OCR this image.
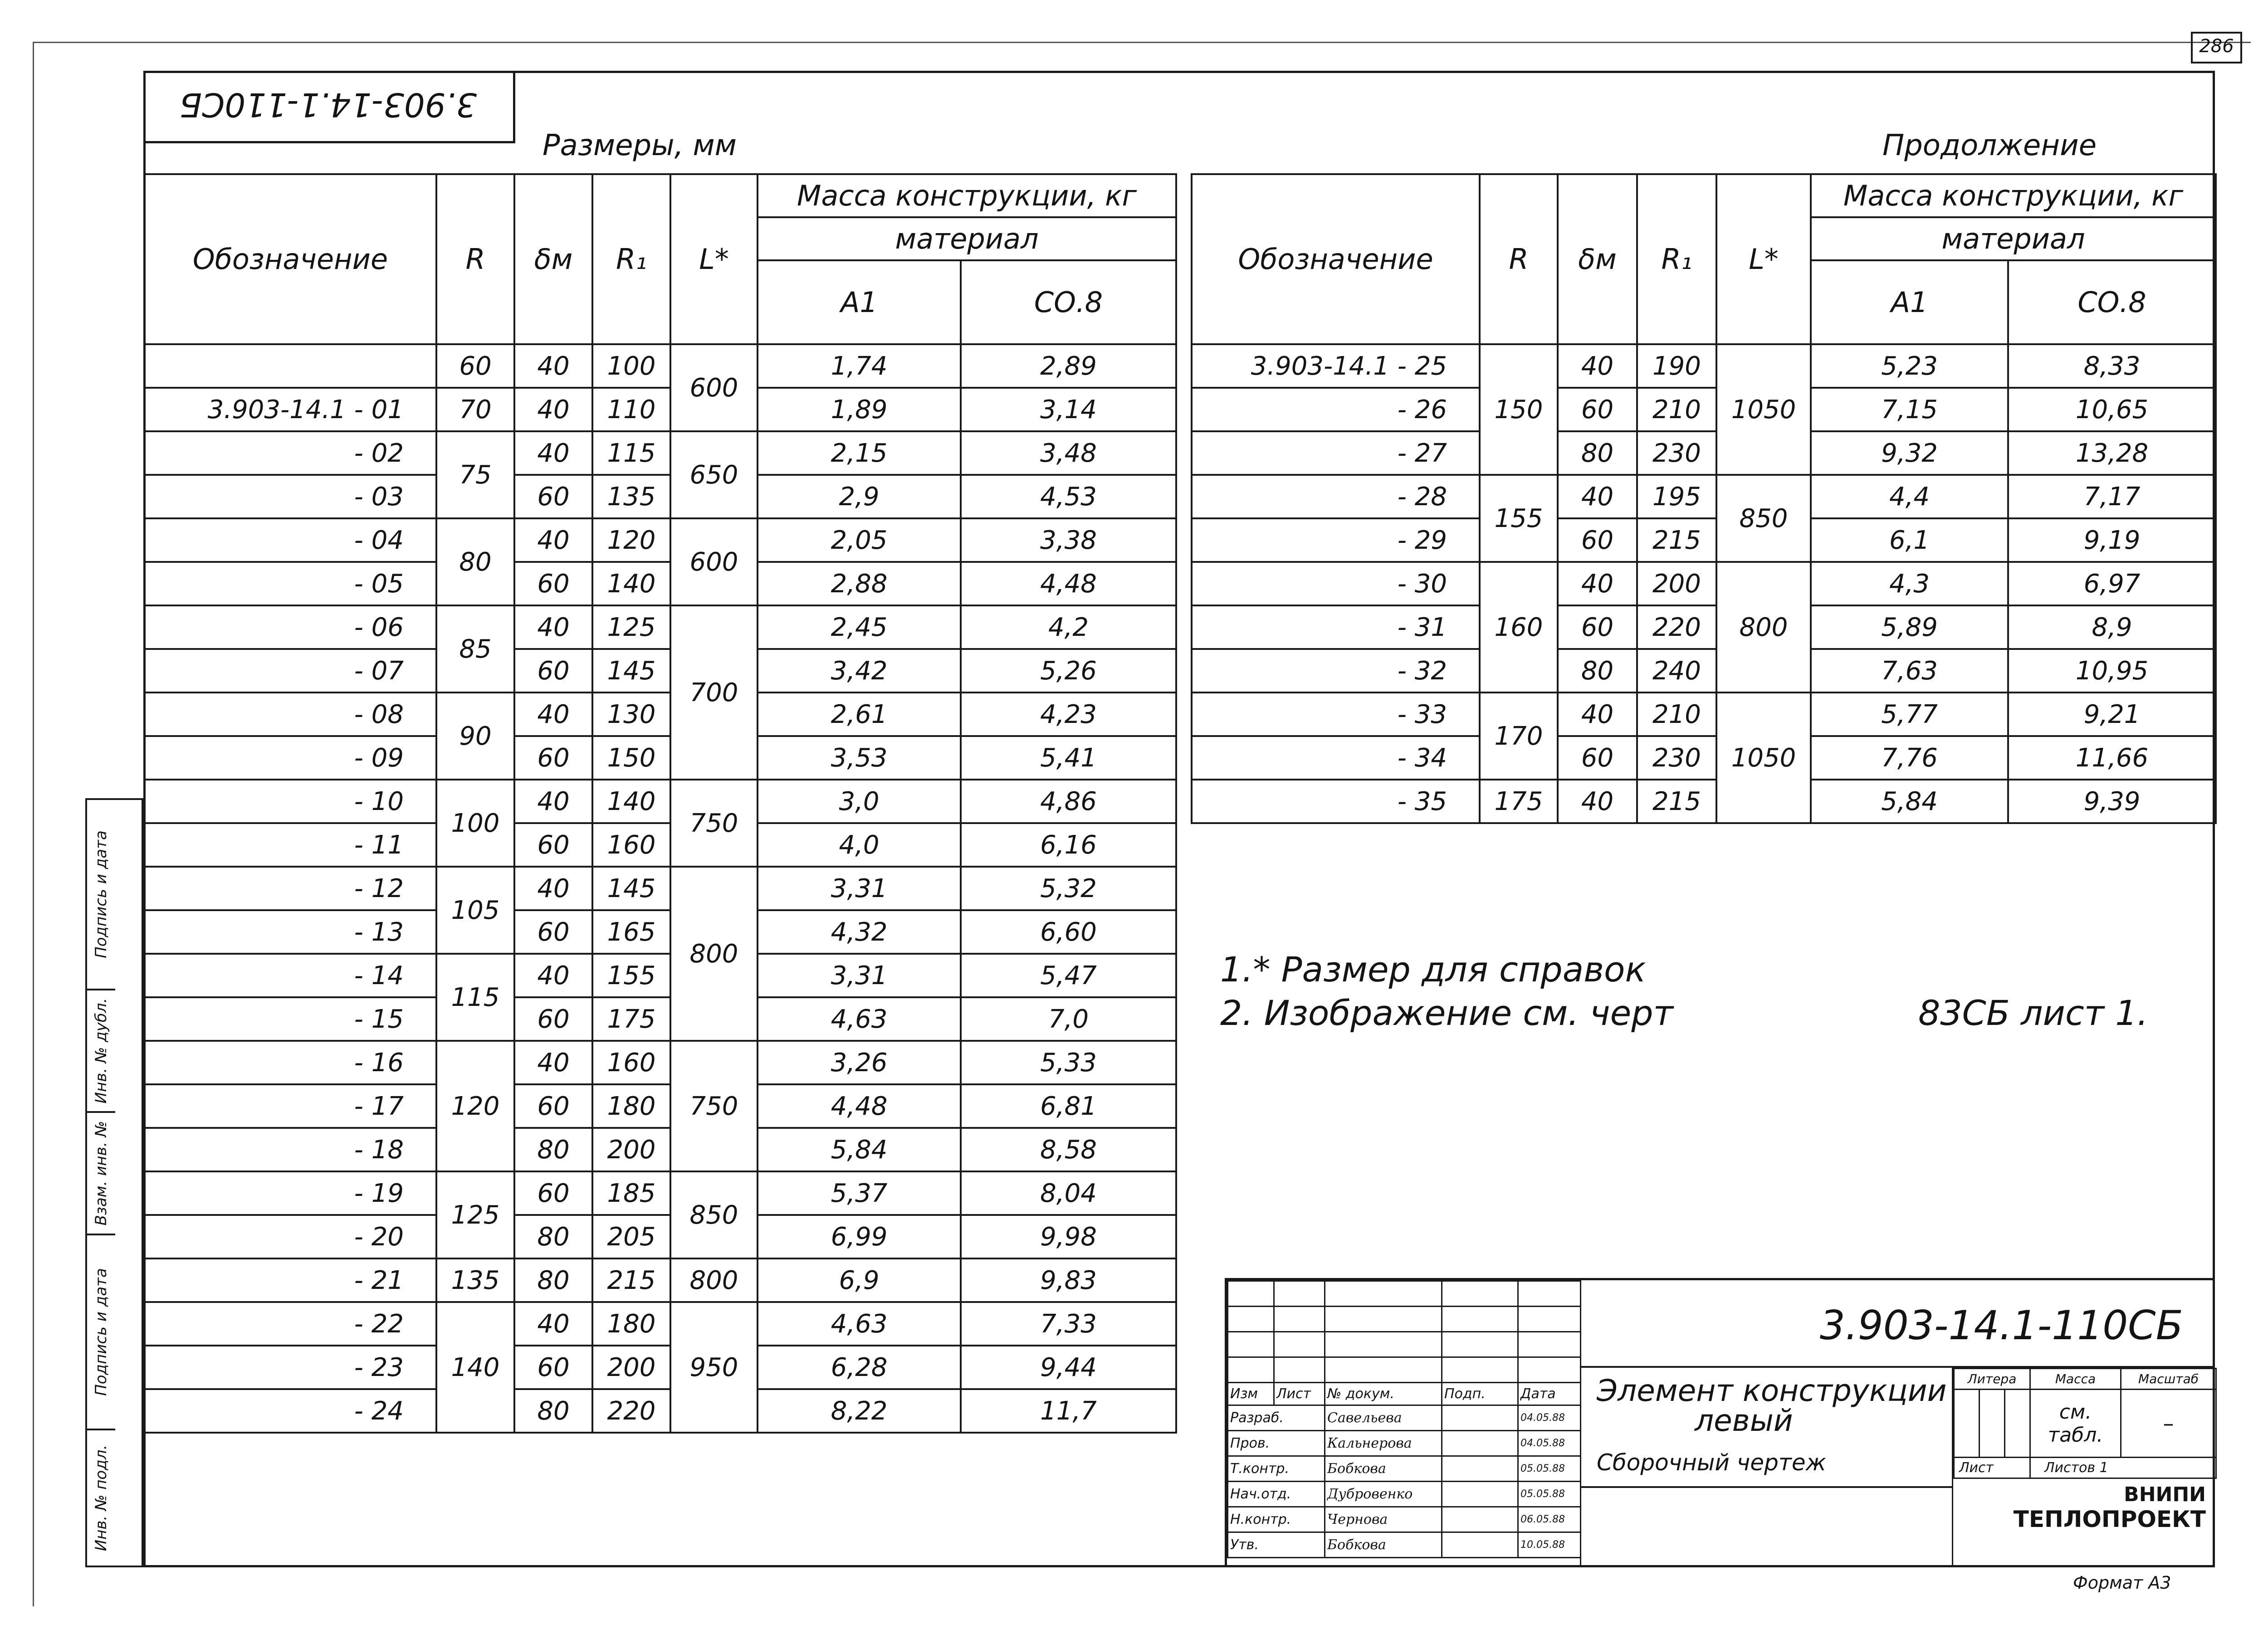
286
3.903-14.1-110СБ
Размеры, мм	Продолжение
Обозначение	R	δм	R₁	L*	Масса конструкции, кг	
					материал	
					А1	СО.8
	60	40	100	600	1,74	2,89
3.903-14.1 - 01	70	40	110		1,89	3,14
- 02	75	40	115	650	2,15	3,48
- 03		60	135		2,9	4,53
- 04	80	40	120	600	2,05	3,38
- 05		60	140		2,88	4,48
- 06	85	40	125	700	2,45	4,2
- 07		60	145		3,42	5,26
- 08	90	40	130		2,61	4,23
- 09		60	150		3,53	5,41
- 10	100	40	140	750	3,0	4,86
- 11		60	160		4,0	6,16
- 12	105	40	145	800	3,31	5,32
- 13		60	165		4,32	6,60
- 14	115	40	155		3,31	5,47
- 15		60	175		4,63	7,0
- 16	120	40	160	750	3,26	5,33
- 17		60	180		4,48	6,81
- 18		80	200		5,84	8,58
- 19	125	60	185	850	5,37	8,04
- 20		80	205		6,99	9,98
- 21	135	80	215	800	6,9	9,83
- 22	140	40	180	950	4,63	7,33
- 23		60	200		6,28	9,44
- 24		80	220		8,22	11,7
Обозначение	R	δм	R₁	L*	Масса конструкции, кг	
					материал	
					А1	СО.8
3.903-14.1 - 25	150	40	190	1050	5,23	8,33
- 26		60	210		7,15	10,65
- 27		80	230		9,32	13,28
- 28	155	40	195	850	4,4	7,17
- 29		60	215		6,1	9,19
- 30	160	40	200	800	4,3	6,97
- 31		60	220		5,89	8,9
- 32		80	240		7,63	10,95
- 33	170	40	210	1050	5,77	9,21
- 34		60	230		7,76	11,66
- 35	175	40	215		5,84	9,39
1.* Размер для справок
2. Изображение см. черт	83СБ лист 1.
Подпись и дата
Инв. № дубл.
Взам. инв. №
Подпись и дата
Инв. № подл.

Изм	Лист	№ докум.	Подп.	Дата
Разраб.		Савельева		04.05.88
Пров.		Кальнерова		04.05.88
Т.контр.		Бобкова		05.05.88
Нач.отд.		Дубровенко		05.05.88
Н.контр.		Чернова		06.05.88
Утв.		Бобкова		10.05.88
3.903-14.1-110СБ
Элемент конструкции
левый
Сборочный чертеж
Литера			Масса	Масштаб
			см. табл.	–
Лист			Листов 1	
ВНИПИ
ТЕПЛОПРОЕКТ
Формат А3
